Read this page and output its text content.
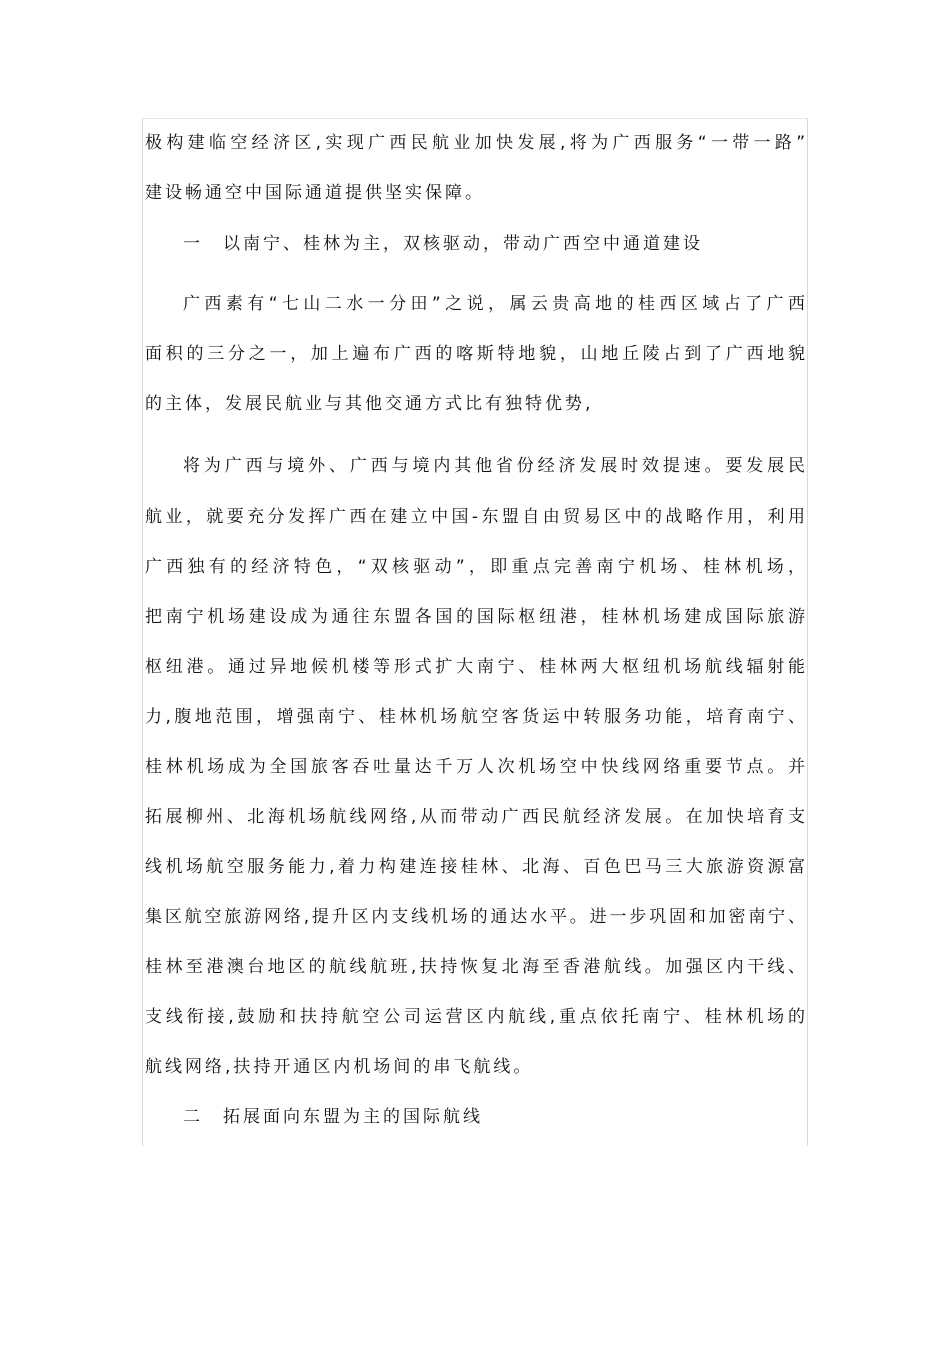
极构建临空经济区,实现广西民航业加快发展,将为广西服务“一带一路”
建设畅通空中国际通道提供坚实保障。
一　以南宁、桂林为主，双核驱动，带动广西空中通道建设
广西素有“七山二水一分田”之说，属云贵高地的桂西区域占了广西
面积的三分之一，加上遍布广西的喀斯特地貌，山地丘陵占到了广西地貌
的主体，发展民航业与其他交通方式比有独特优势,
将为广西与境外、广西与境内其他省份经济发展时效提速。要发展民
航业，就要充分发挥广西在建立中国-东盟自由贸易区中的战略作用，利用
广西独有的经济特色，“双核驱动”，即重点完善南宁机场、桂林机场，
把南宁机场建设成为通往东盟各国的国际枢纽港，桂林机场建成国际旅游
枢纽港。通过异地候机楼等形式扩大南宁、桂林两大枢纽机场航线辐射能
力,腹地范围，增强南宁、桂林机场航空客货运中转服务功能，培育南宁、
桂林机场成为全国旅客吞吐量达千万人次机场空中快线网络重要节点。并
拓展柳州、北海机场航线网络,从而带动广西民航经济发展。在加快培育支
线机场航空服务能力,着力构建连接桂林、北海、百色巴马三大旅游资源富
集区航空旅游网络,提升区内支线机场的通达水平。进一步巩固和加密南宁、
桂林至港澳台地区的航线航班,扶持恢复北海至香港航线。加强区内干线、
支线衔接,鼓励和扶持航空公司运营区内航线,重点依托南宁、桂林机场的
航线网络,扶持开通区内机场间的串飞航线。
二　拓展面向东盟为主的国际航线
